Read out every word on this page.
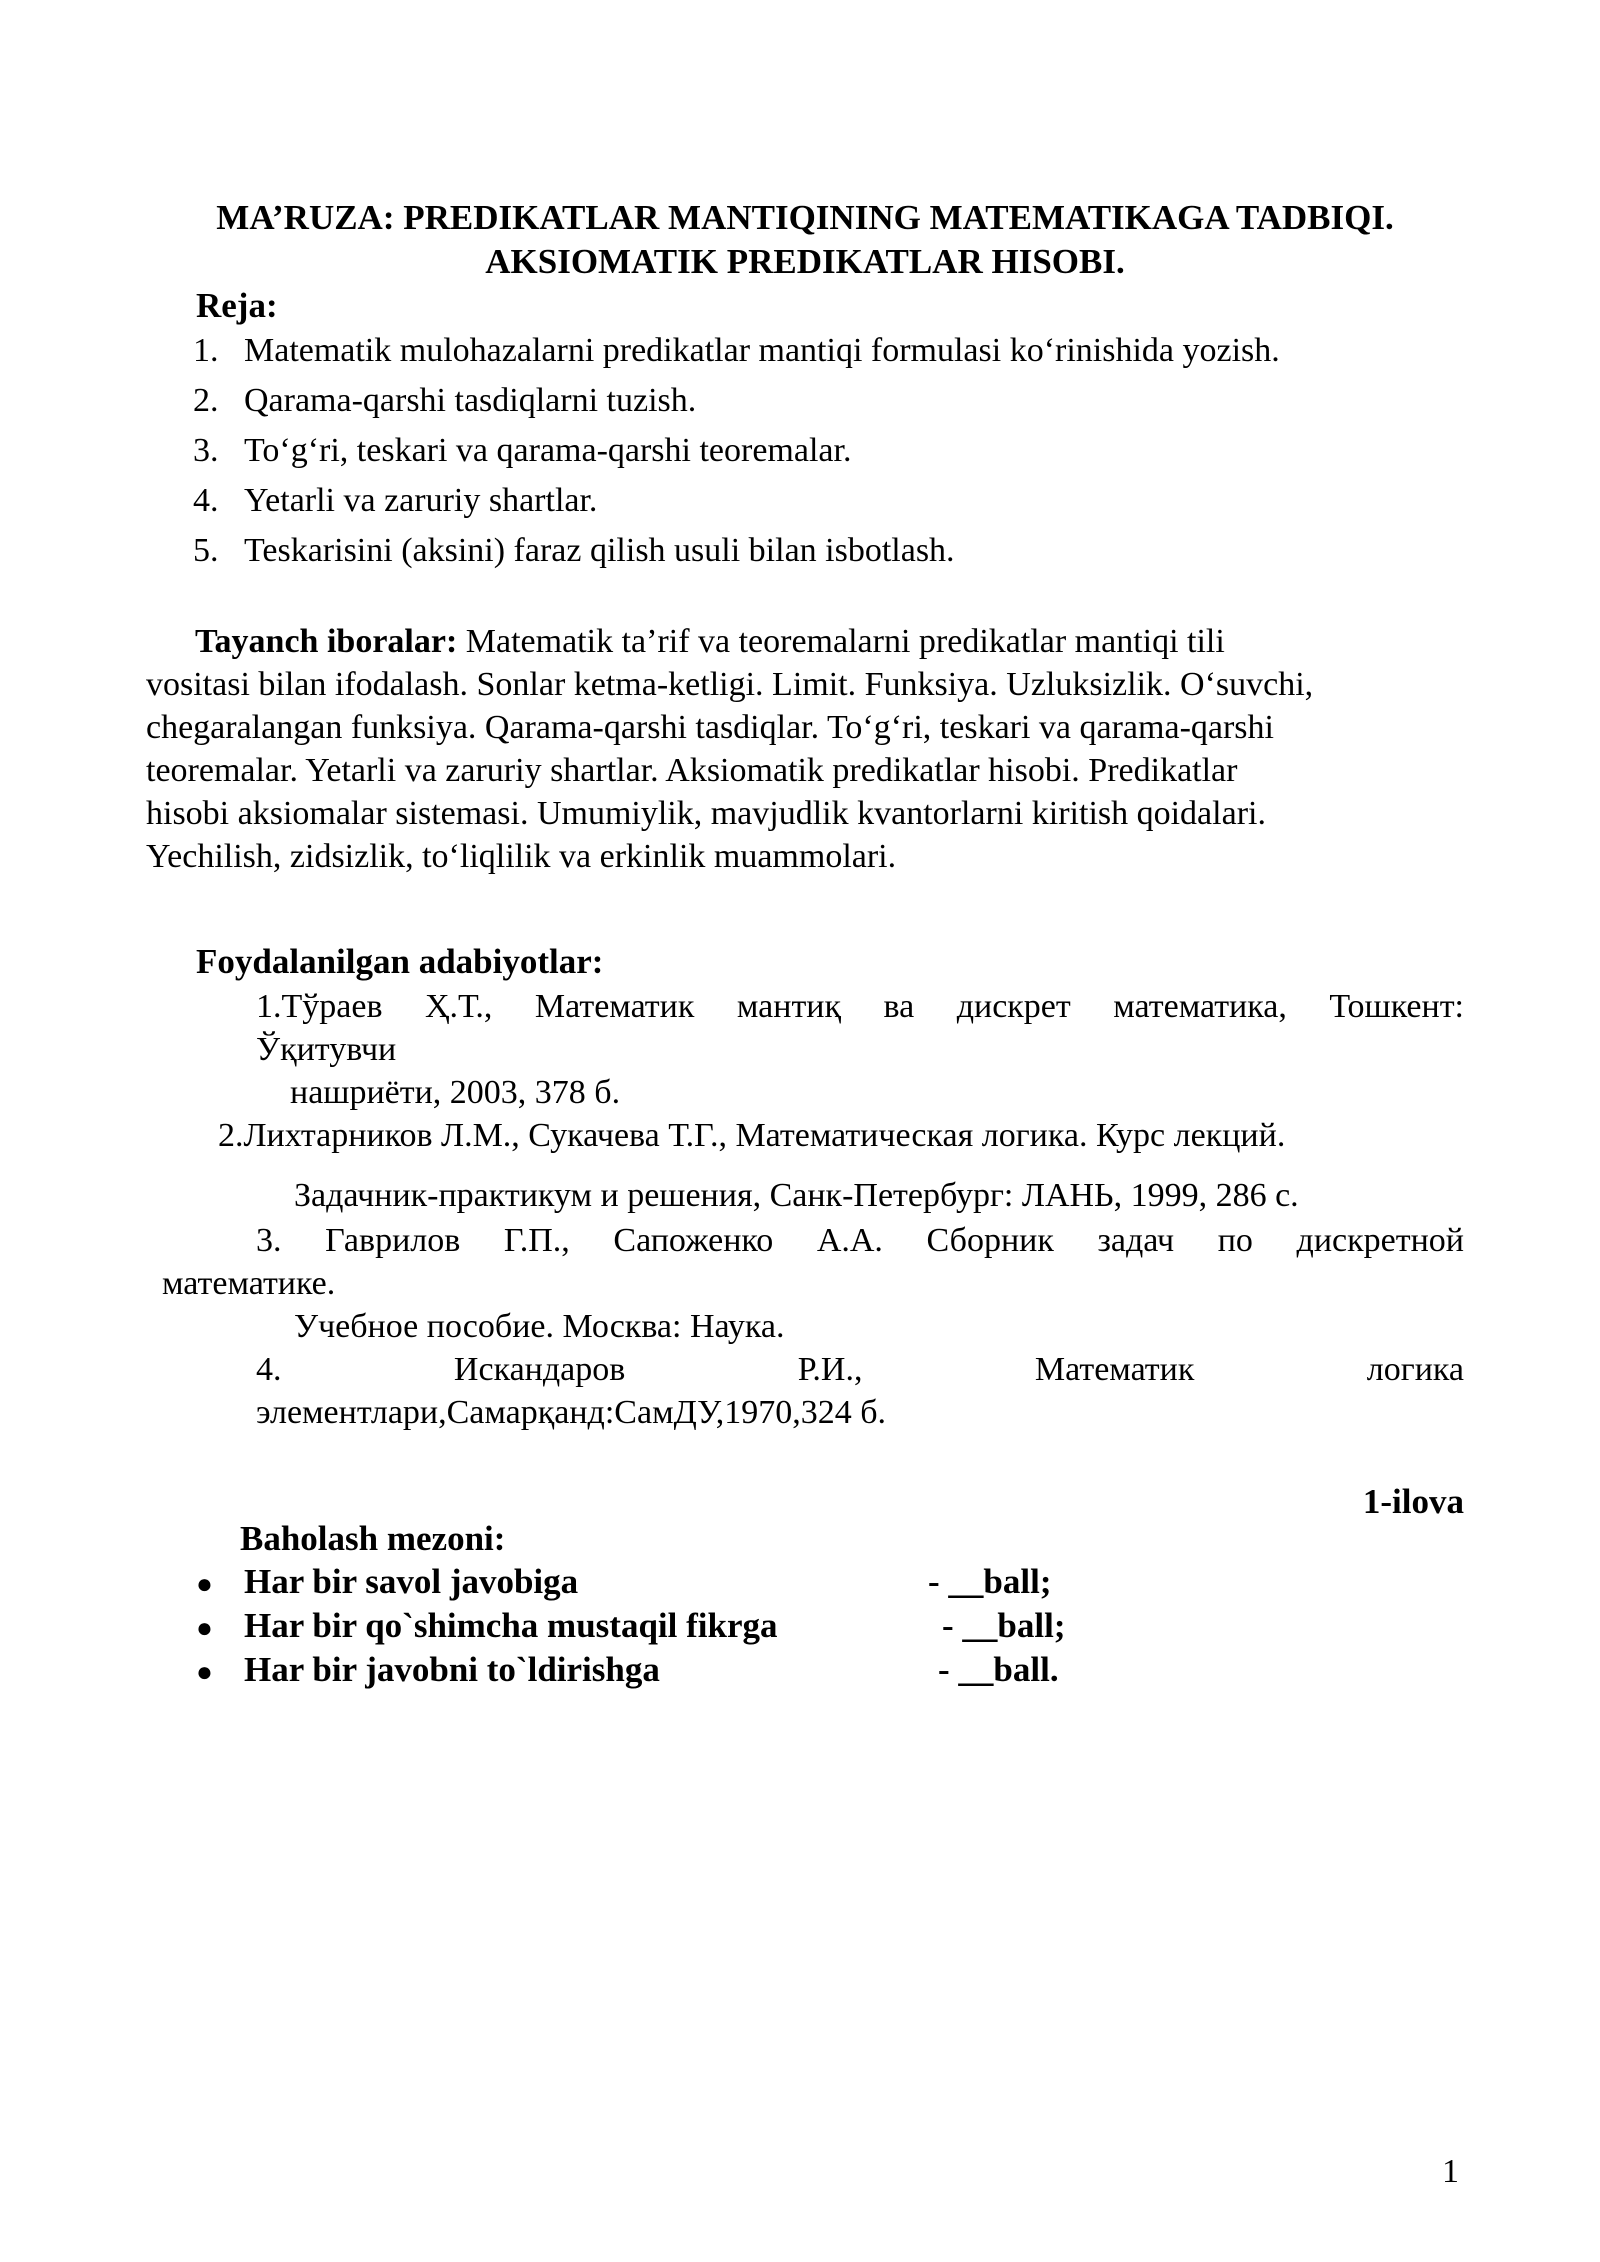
MA’RUZA: PREDIKATLAR MANTIQINING MATEMATIKAGA TADBIQI.
AKSIOMATIK PREDIKATLAR HISOBI.
Reja:
1. Matematik mulohazalarni predikatlar mantiqi formulasi ko‘rinishida yozish.
2. Qarama-qarshi tasdiqlarni tuzish.
3. To‘g‘ri, teskari va qarama-qarshi teoremalar.
4. Yetarli va zaruriy shartlar.
5. Teskarisini (aksini) faraz qilish usuli bilan isbotlash.
Tayanch iboralar: Matematik ta’rif va teoremalarni predikatlar mantiqi tili
vositasi bilan ifodalash. Sonlar ketma-ketligi. Limit. Funksiya. Uzluksizlik. O‘suvchi,
chegaralangan funksiya. Qarama-qarshi tasdiqlar. To‘g‘ri, teskari va qarama-qarshi
teoremalar. Yetarli va zaruriy shartlar. Aksiomatik predikatlar hisobi. Predikatlar
hisobi aksiomalar sistemasi. Umumiylik, mavjudlik kvantorlarni kiritish qoidalari.
Yechilish, zidsizlik, to‘liqlilik va erkinlik muammolari.
Foydalanilgan adabiyotlar:
1.Тўраев Ҳ.Т., Математик мантиқ ва дискрет математика, Тошкент:
Ўқитувчи
нашриёти, 2003, 378 б.
2.Лихтарников Л.М., Сукачева Т.Г., Математическая логика. Курс лекций.
Задачник-практикум и решения, Санк-Петербург: ЛАНЬ, 1999, 286 с.
3. Гаврилов Г.П., Сапоженко А.А. Сборник задач по дискретной
математике.
Учебное пособие. Москва: Наука.
4. Искандаров Р.И., Математик логика
элементлари,Самарқанд:СамДУ,1970,324 б.
1-ilova
Baholash mezoni:
● Har bir savol javobiga	- __ball;
● Har bir qo`shimcha mustaqil fikrga	- __ball;
● Har bir javobni to`ldirishga	- __ball.
1
